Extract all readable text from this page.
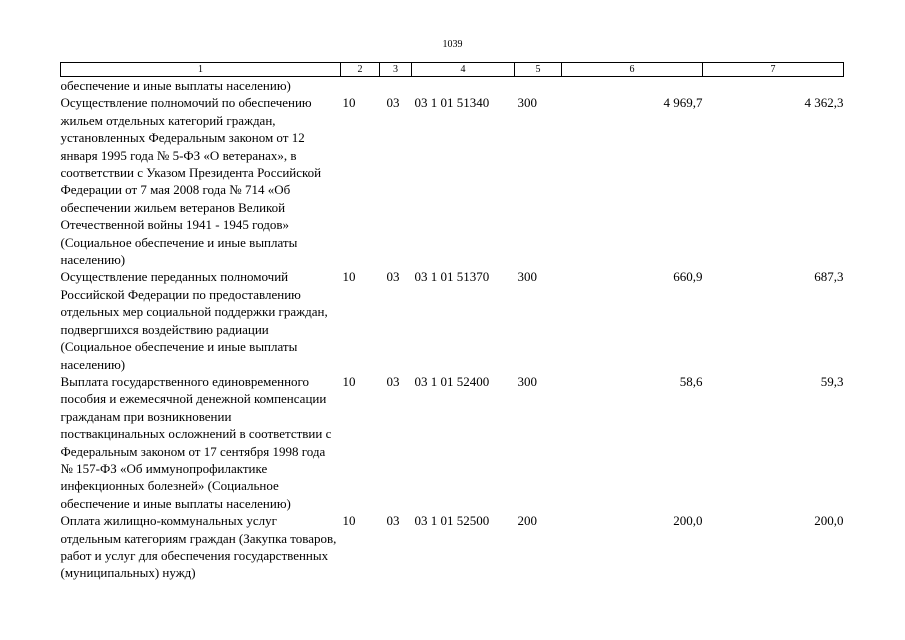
1039
1	2	3	4	5	6	7
обеспечение и иные выплаты населению)						
Осуществление полномочий по обеспечению жильем отдельных категорий граждан, установленных Федеральным законом от 12 января 1995 года № 5-ФЗ «О ветеранах», в соответствии с Указом Президента Российской Федерации от 7 мая 2008 года № 714 «Об обеспечении жильем ветеранов Великой Отечественной войны 1941 - 1945 годов» (Социальное обеспечение и иные выплаты населению)	10	03	03 1 01 51340	300	4 969,7	4 362,3
Осуществление переданных полномочий Российской Федерации по предоставлению отдельных мер социальной поддержки граждан, подвергшихся воздействию радиации (Социальное обеспечение и иные выплаты населению)	10	03	03 1 01 51370	300	660,9	687,3
Выплата государственного единовременного пособия и ежемесячной денежной компенсации гражданам при возникновении поствакцинальных осложнений в соответствии с Федеральным законом от 17 сентября 1998 года № 157-ФЗ «Об иммунопрофилактике инфекционных болезней» (Социальное обеспечение и иные выплаты населению)	10	03	03 1 01 52400	300	58,6	59,3
Оплата жилищно-коммунальных услуг отдельным категориям граждан (Закупка товаров, работ и услуг для обеспечения государственных (муниципальных) нужд)	10	03	03 1 01 52500	200	200,0	200,0
